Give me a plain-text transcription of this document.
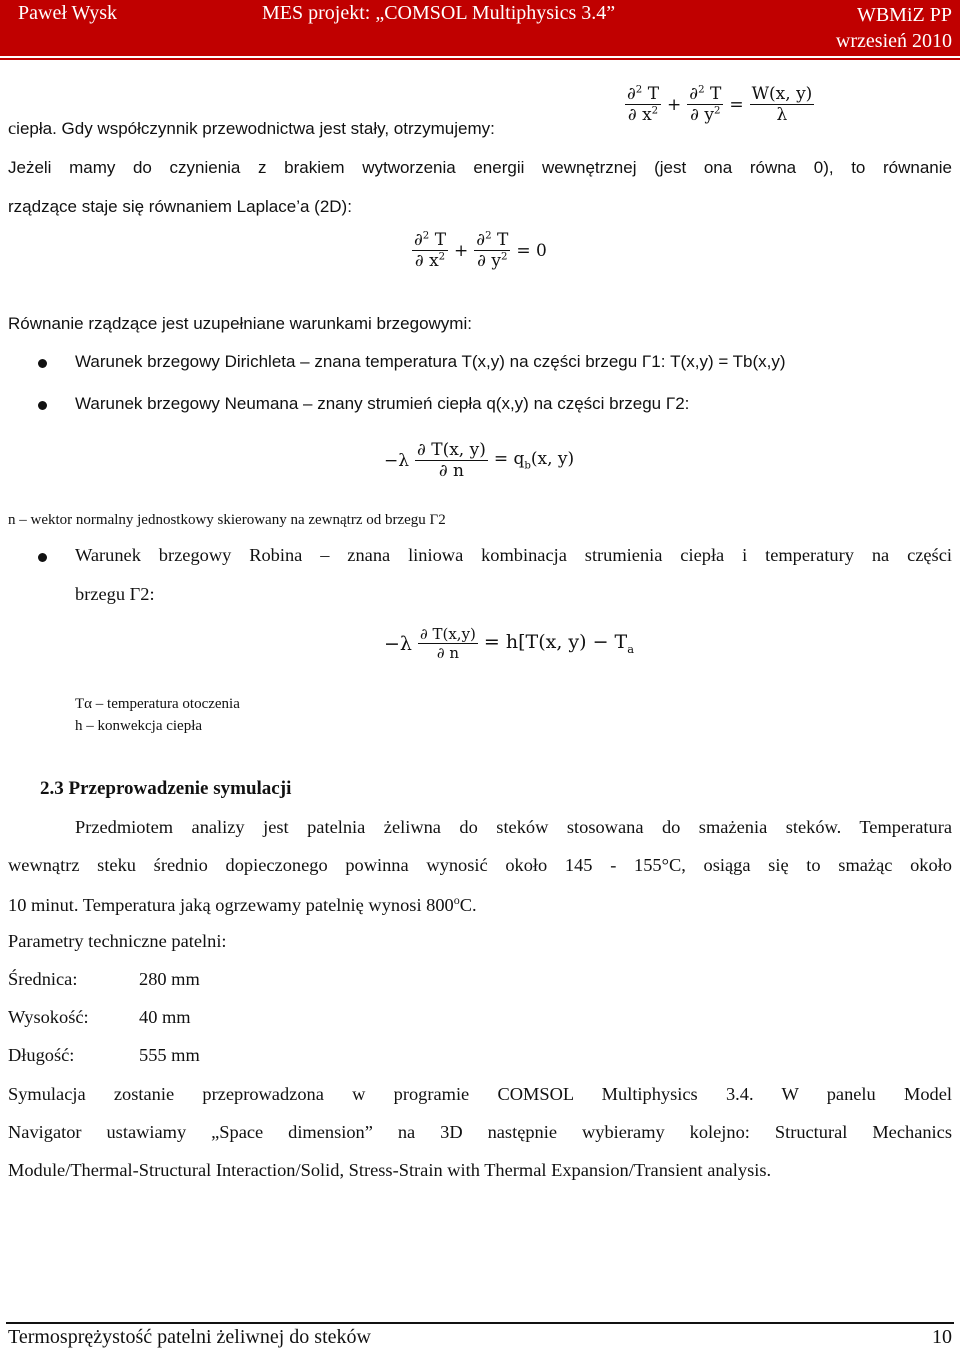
Paweł Wysk	MES projekt: „COMSOL Multiphysics 3.4”	WBMiZ PP
wrzesień 2010
ciepła. Gdy współczynnik przewodnictwa jest stały, otrzymujemy:
$\frac{\partial^2 T}{\partial x^2} + \frac{\partial^2 T}{\partial y^2} = \frac{W(x, y)}{\lambda}$
Jeżeli mamy do czynienia z brakiem wytworzenia energii wewnętrznej (jest ona równa 0), to równanie
rządzące staje się równaniem Laplace’a (2D):
$\frac{\partial^2 T}{\partial x^2} + \frac{\partial^2 T}{\partial y^2} = 0$
Równanie rządzące jest uzupełniane warunkami brzegowymi:
Warunek brzegowy Dirichleta – znana temperatura T(x,y) na części brzegu Γ1: T(x,y) = Tb(x,y)
Warunek brzegowy Neumana – znany strumień ciepła q(x,y) na części brzegu Γ2:
$-\lambda \frac{\partial T(x, y)}{\partial n} = q_b(x$, y)
n – wektor normalny jednostkowy skierowany na zewnątrz od brzegu Γ2
Warunek brzegowy Robina – znana liniowa kombinacja strumienia ciepła i temperatury na części
brzegu Γ2:
$-\lambda \frac{\partial T(x,y)}{\partial n} = h[T(x$, $y) - T_a$
Tα – temperatura otoczenia
h – konwekcja ciepła
2.3 Przeprowadzenie symulacji
Przedmiotem analizy jest patelnia żeliwna do steków stosowana do smażenia steków. Temperatura
wewnątrz steku średnio dopieczonego powinna wynosić około 145 - 155°C, osiąga się to smażąc około
10 minut. Temperatura jaką ogrzewamy patelnię wynosi 800$^o$C.
Parametry techniczne patelni:
Średnica:	280 mm
Wysokość:	40 mm
Długość:	555 mm
Symulacja zostanie przeprowadzona w programie COMSOL Multiphysics 3.4. W panelu Model
Navigator ustawiamy „Space dimension” na 3D następnie wybieramy kolejno: Structural Mechanics
Module/Thermal-Structural Interaction/Solid, Stress-Strain with Thermal Expansion/Transient analysis.
Termosprężystość patelni żeliwnej do steków	10
